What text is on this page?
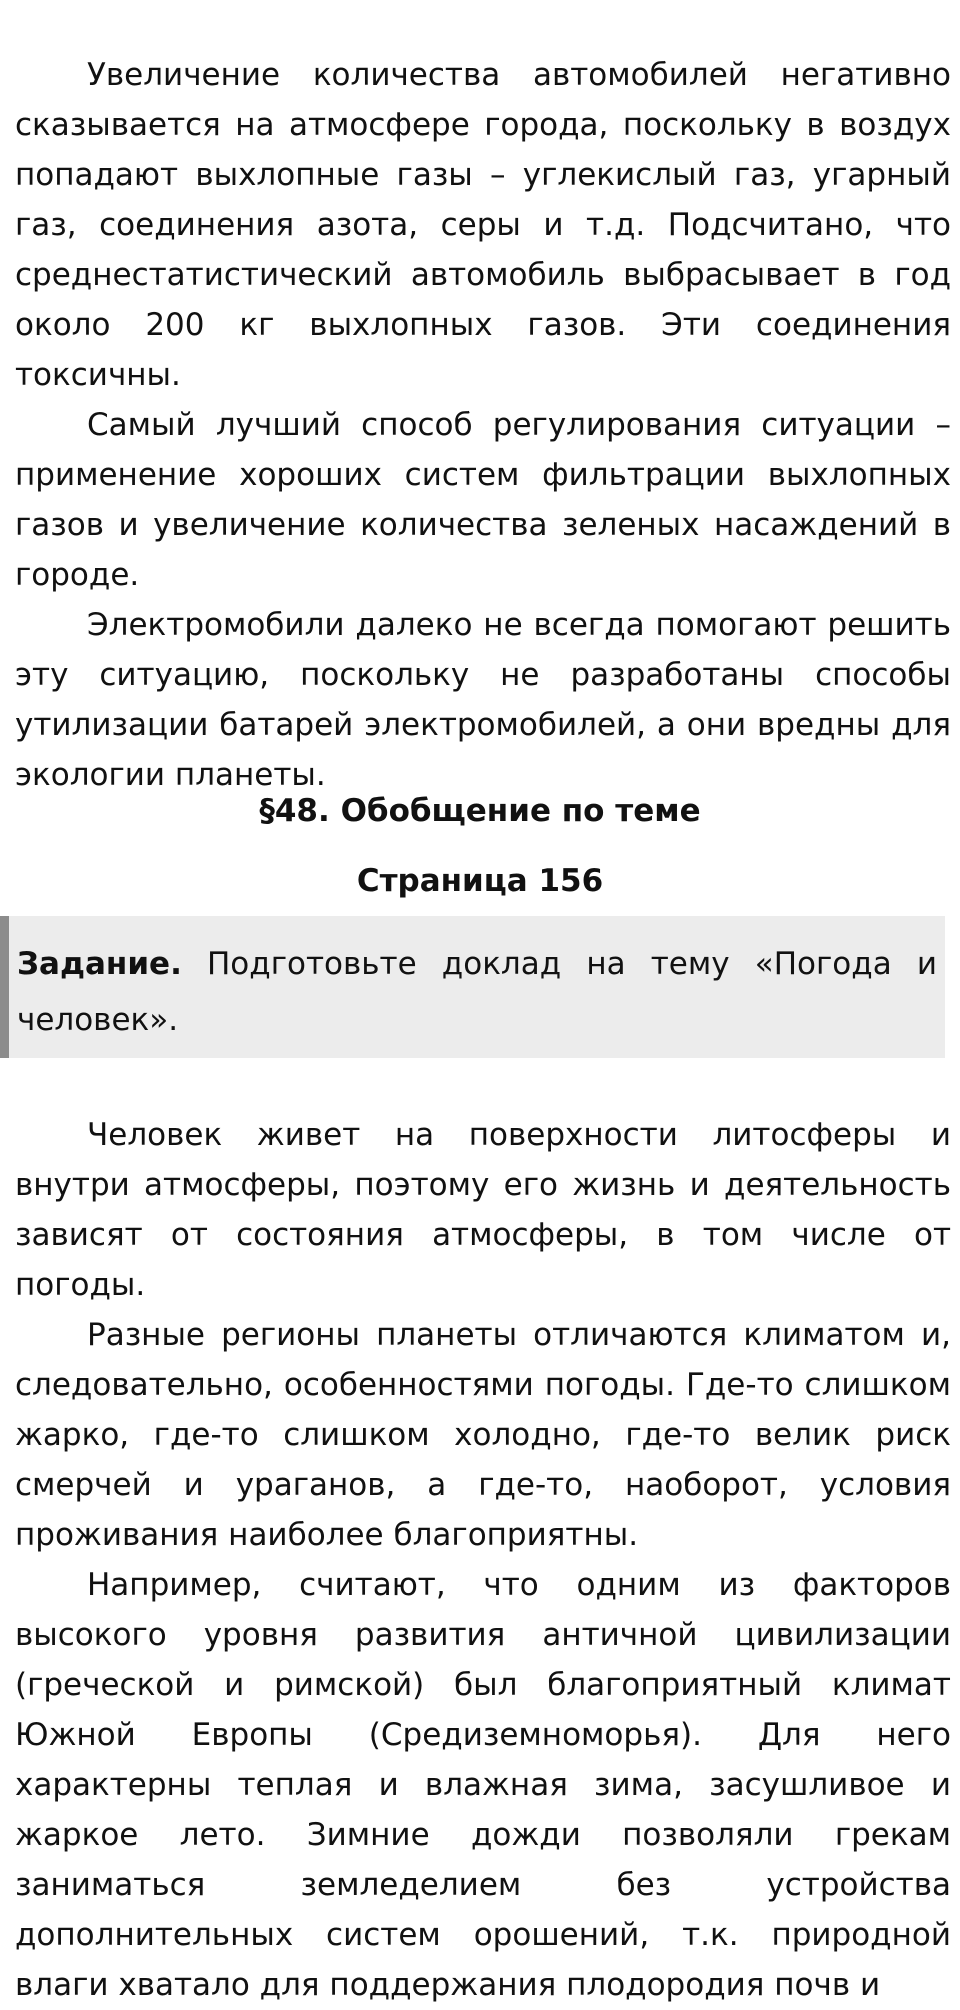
Увеличение количества автомобилей негативно сказывается на атмосфере города, поскольку в воздух попадают выхлопные газы – углекислый газ, угарный газ, соединения азота, серы и т.д. Подсчитано, что среднестатистический автомобиль выбрасывает в год около 200 кг выхлопных газов. Эти соединения токсичны.

Самый лучший способ регулирования ситуации – применение хороших систем фильтрации выхлопных газов и увеличение количества зеленых насаждений в городе.

Электромобили далеко не всегда помогают решить эту ситуацию, поскольку не разработаны способы утилизации батарей электромобилей, а они вредны для экологии планеты.

§48. Обобщение по теме
Страница 156

Задание. Подготовьте доклад на тему «Погода и человек».

Человек живет на поверхности литосферы и внутри атмосферы, поэтому его жизнь и деятельность зависят от состояния атмосферы, в том числе от погоды.

Разные регионы планеты отличаются климатом и, следовательно, особенностями погоды. Где-то слишком жарко, где-то слишком холодно, где-то велик риск смерчей и ураганов, а где-то, наоборот, условия проживания наиболее благоприятны.

Например, считают, что одним из факторов высокого уровня развития античной цивилизации (греческой и римской) был благоприятный климат Южной Европы (Средиземноморья). Для него характерны теплая и влажная зима, засушливое и жаркое лето. Зимние дожди позволяли грекам заниматься земледелием без устройства дополнительных систем орошений, т.к. природной влаги хватало для поддержания плодородия почв и
